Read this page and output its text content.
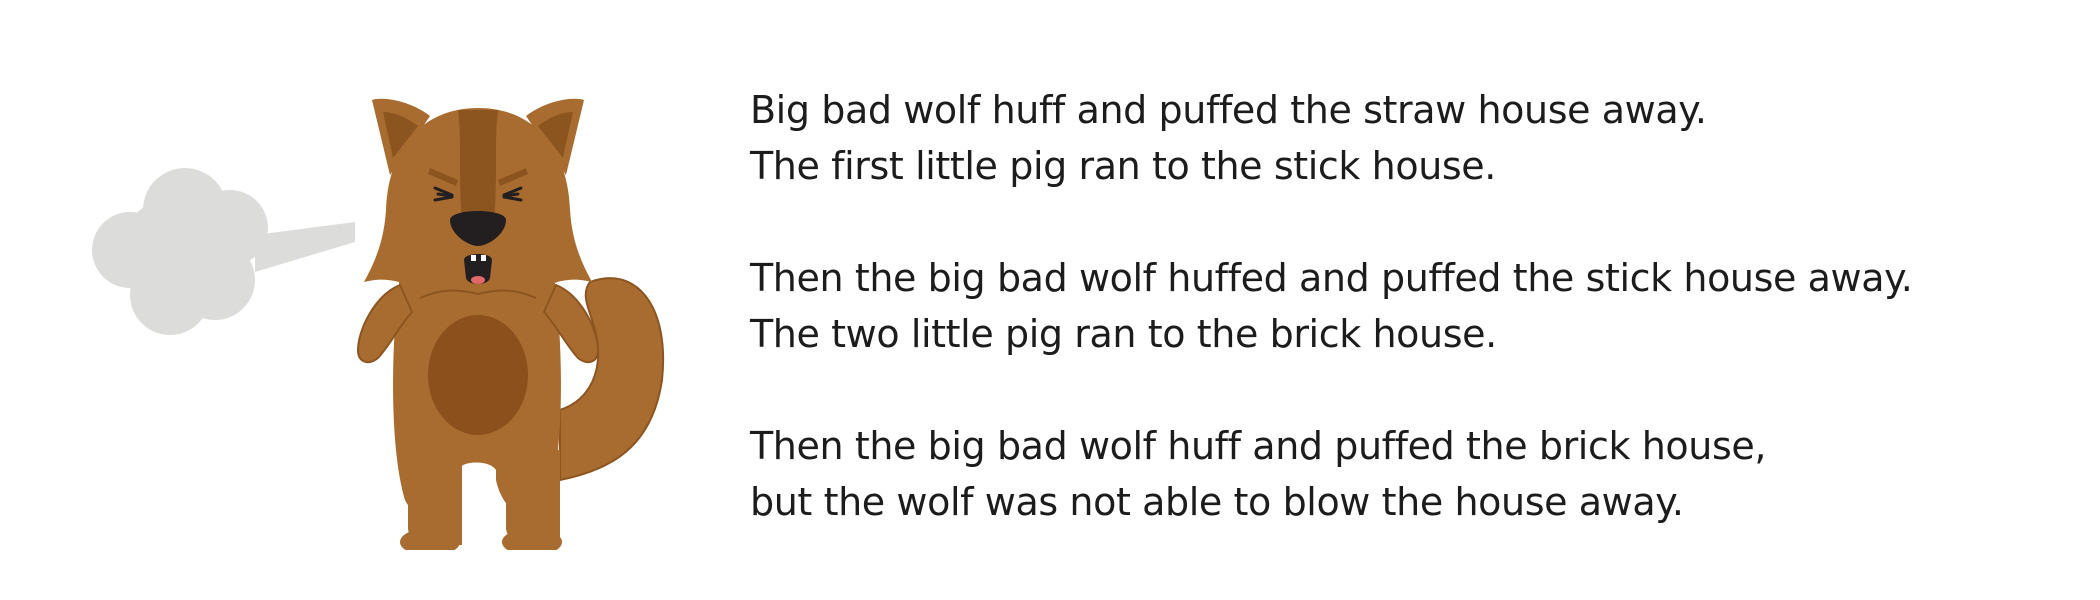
Big bad wolf huff and puffed the straw house away.
The first little pig ran to the stick house.

Then the big bad wolf huffed and puffed the stick house away.
The two little pig ran to the brick house.

Then the big bad wolf huff and puffed the brick house,
but the wolf was not able to blow the house away.
